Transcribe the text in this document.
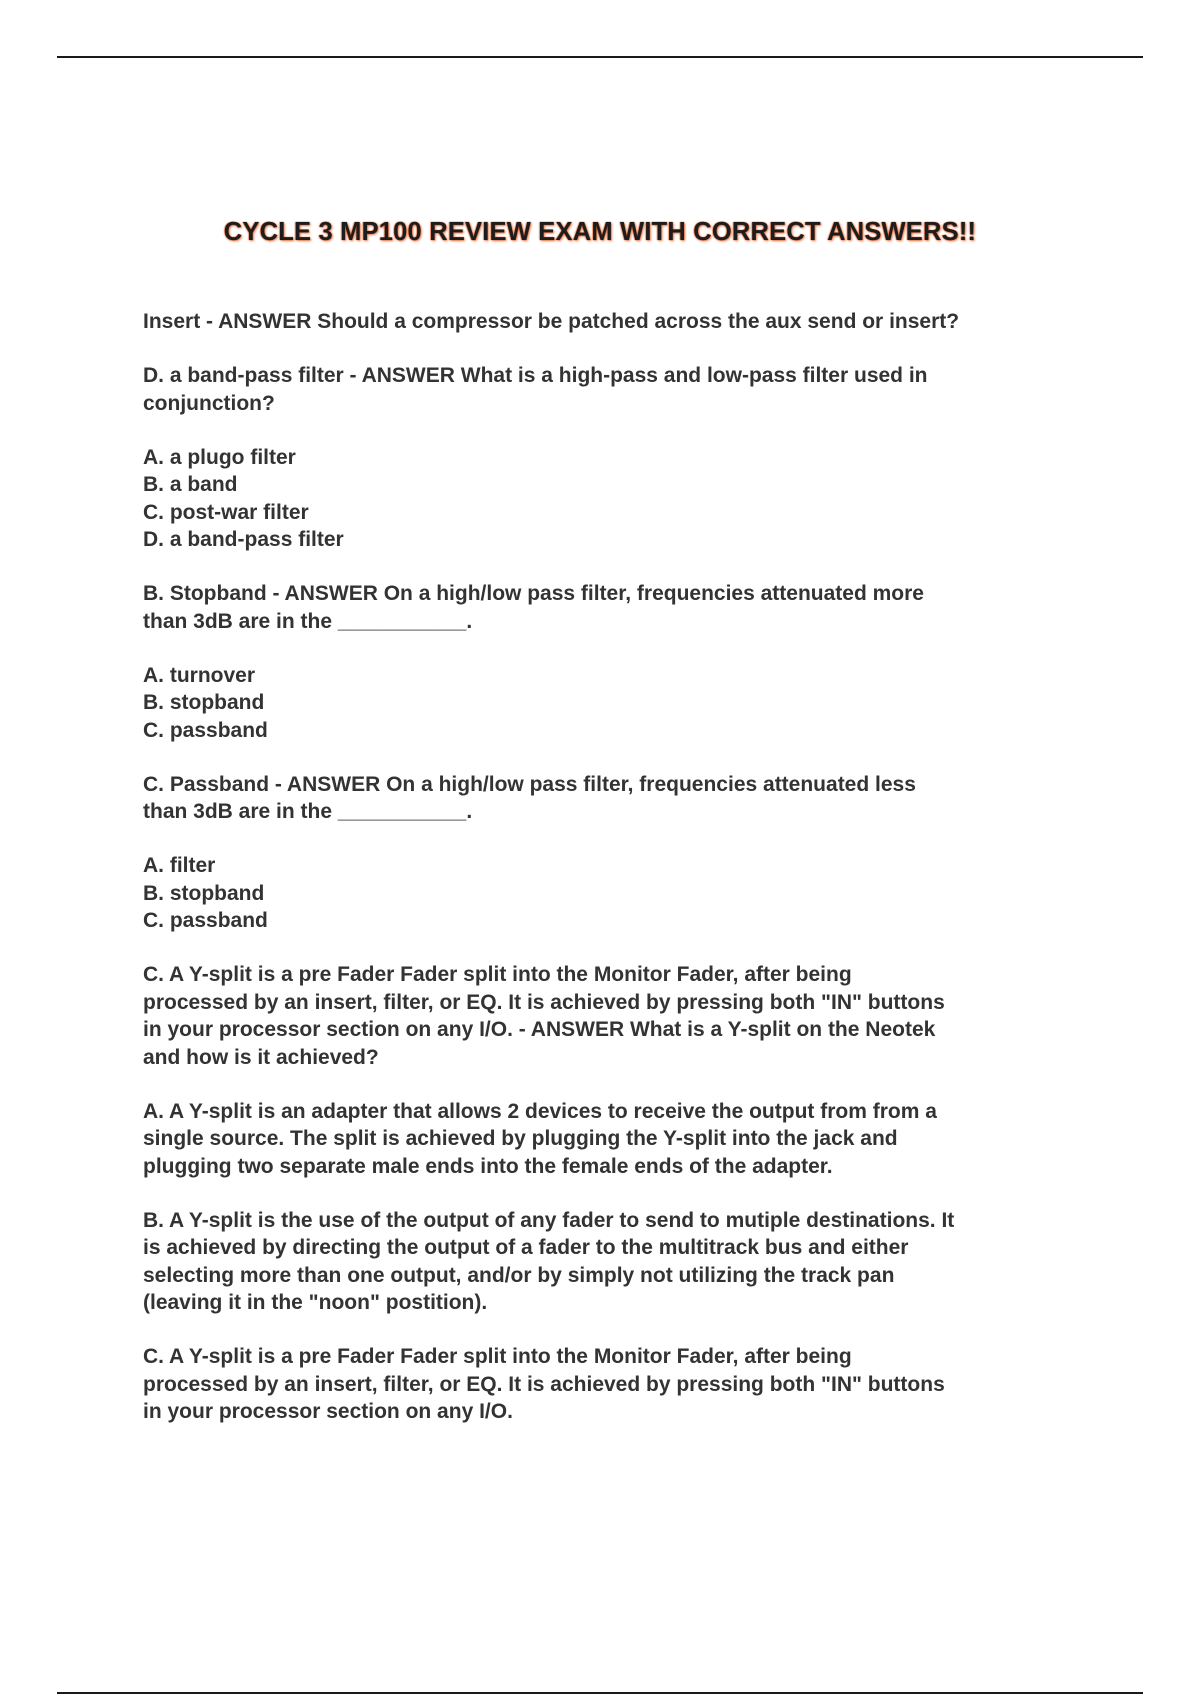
CYCLE 3 MP100 REVIEW EXAM WITH CORRECT ANSWERS!!
Insert - ANSWER Should a compressor be patched across the aux send or insert?
D. a band-pass filter - ANSWER What is a high-pass and low-pass filter used in
conjunction?
A. a plugo filter
B. a band
C. post-war filter
D. a band-pass filter
B. Stopband - ANSWER On a high/low pass filter, frequencies attenuated more
than 3dB are in the ___________.
A. turnover
B. stopband
C. passband
C. Passband - ANSWER On a high/low pass filter, frequencies attenuated less
than 3dB are in the ___________.
A. filter
B. stopband
C. passband
C. A Y-split is a pre Fader Fader split into the Monitor Fader, after being
processed by an insert, filter, or EQ. It is achieved by pressing both "IN" buttons
in your processor section on any I/O. - ANSWER What is a Y-split on the Neotek
and how is it achieved?
A. A Y-split is an adapter that allows 2 devices to receive the output from from a
single source. The split is achieved by plugging the Y-split into the jack and
plugging two separate male ends into the female ends of the adapter.
B. A Y-split is the use of the output of any fader to send to mutiple destinations. It
is achieved by directing the output of a fader to the multitrack bus and either
selecting more than one output, and/or by simply not utilizing the track pan
(leaving it in the "noon" postition).
C. A Y-split is a pre Fader Fader split into the Monitor Fader, after being
processed by an insert, filter, or EQ. It is achieved by pressing both "IN" buttons
in your processor section on any I/O.
